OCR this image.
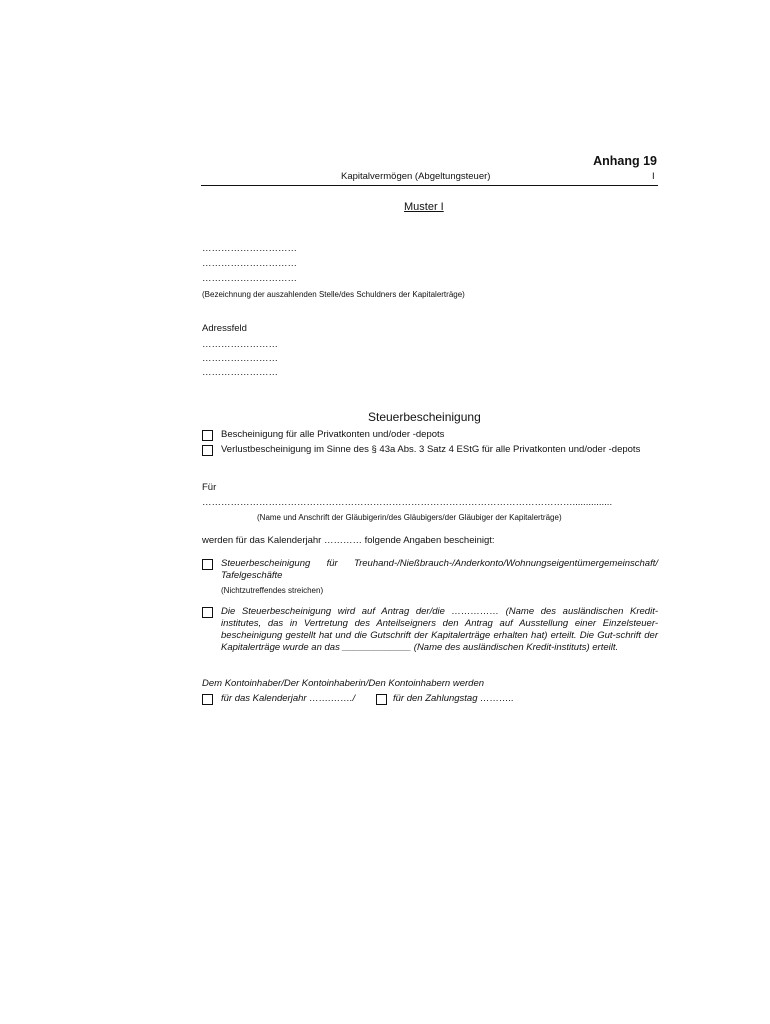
Anhang 19
Kapitalvermögen (Abgeltungsteuer)	I
Muster I
…………………………
…………………………
…………………………
(Bezeichnung der auszahlenden Stelle/des Schuldners der Kapitalerträge)
Adressfeld
……………………
……………………
……………………
Steuerbescheinigung
Bescheinigung für alle Privatkonten und/oder -depots
Verlustbescheinigung im Sinne des § 43a Abs. 3 Satz 4 EStG für alle Privatkonten und/oder -depots
Für
………………………………………………………………………………………………………...............
(Name und Anschrift der Gläubigerin/des Gläubigers/der Gläubiger der Kapitalerträge)
werden für das Kalenderjahr ………… folgende Angaben bescheinigt:
Steuerbescheinigung für Treuhand-/Nießbrauch-/Anderkonto/Wohnungseigentümergemeinschaft/ Tafelgeschäfte
(Nichtzutreffendes streichen)
Die Steuerbescheinigung wird auf Antrag der/die …………… (Name des ausländischen Kredit-institutes, das in Vertretung des Anteilseigners den Antrag auf Ausstellung einer Einzelsteuer-bescheinigung gestellt hat und die Gutschrift der Kapitalerträge erhalten hat) erteilt. Die Gut-schrift der Kapitalerträge wurde an das _____________ (Name des ausländischen Kredit-instituts) erteilt.
Dem Kontoinhaber/Der Kontoinhaberin/Den Kontoinhabern werden
für das Kalenderjahr …….……./	für den Zahlungstag ………..
